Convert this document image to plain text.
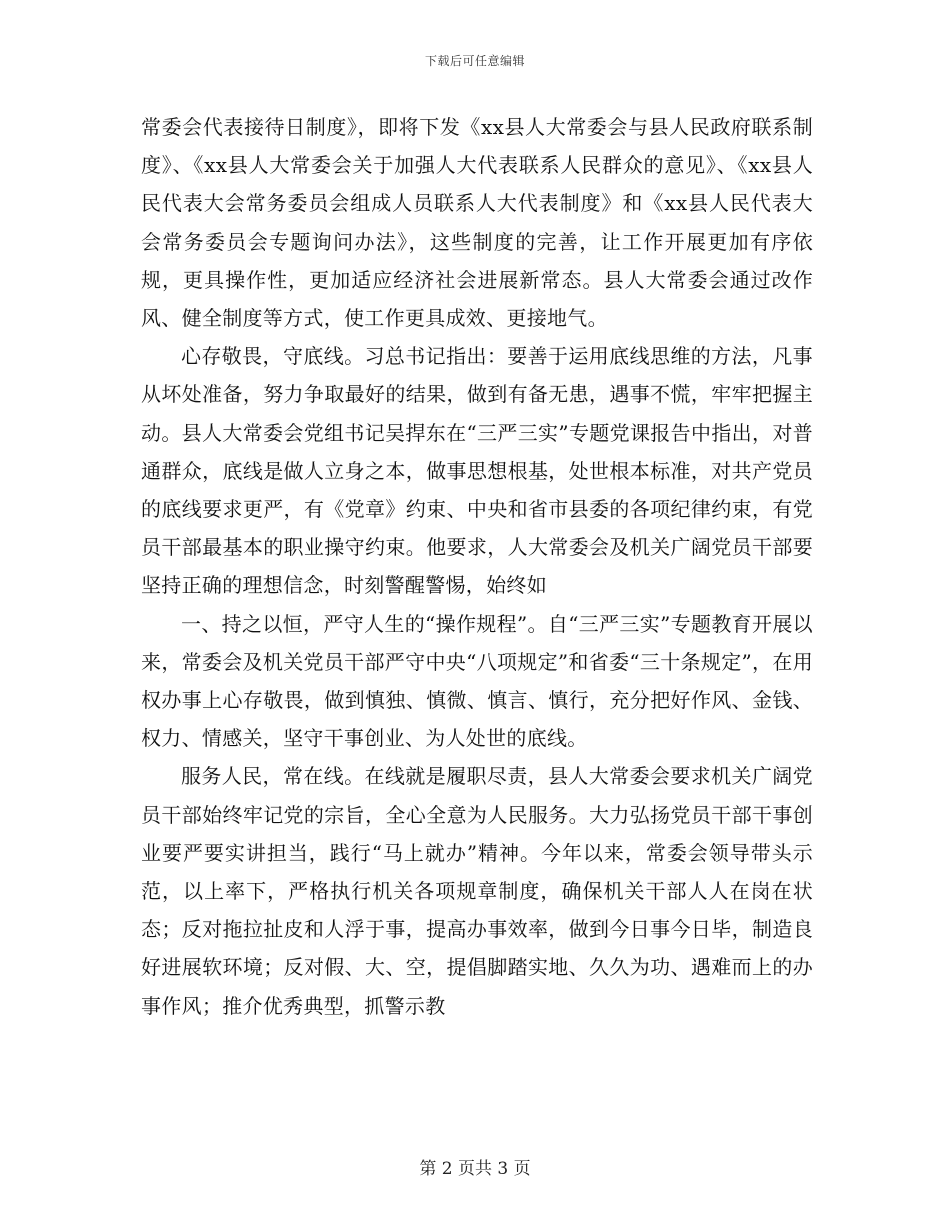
下载后可任意编辑

常委会代表接待日制度》，即将下发《xx县人大常委会与县人民政府联系制度》、《xx县人大常委会关于加强人大代表联系人民群众的意见》、《xx县人民代表大会常务委员会组成人员联系人大代表制度》和《xx县人民代表大会常务委员会专题询问办法》，这些制度的完善，让工作开展更加有序依规，更具操作性，更加适应经济社会进展新常态。县人大常委会通过改作风、健全制度等方式，使工作更具成效、更接地气。

心存敬畏，守底线。习总书记指出：要善于运用底线思维的方法，凡事从坏处准备，努力争取最好的结果，做到有备无患，遇事不慌，牢牢把握主动。县人大常委会党组书记吴捍东在“三严三实”专题党课报告中指出，对普通群众，底线是做人立身之本，做事思想根基，处世根本标准，对共产党员的底线要求更严，有《党章》约束、中央和省市县委的各项纪律约束，有党员干部最基本的职业操守约束。他要求，人大常委会及机关广阔党员干部要坚持正确的理想信念，时刻警醒警惕，始终如

一、持之以恒，严守人生的“操作规程”。自“三严三实”专题教育开展以来，常委会及机关党员干部严守中央“八项规定”和省委“三十条规定”，在用权办事上心存敬畏，做到慎独、慎微、慎言、慎行，充分把好作风、金钱、权力、情感关，坚守干事创业、为人处世的底线。

服务人民，常在线。在线就是履职尽责，县人大常委会要求机关广阔党员干部始终牢记党的宗旨，全心全意为人民服务。大力弘扬党员干部干事创业要严要实讲担当，践行“马上就办”精神。今年以来，常委会领导带头示范，以上率下，严格执行机关各项规章制度，确保机关干部人人在岗在状态；反对拖拉扯皮和人浮于事，提高办事效率，做到今日事今日毕，制造良好进展软环境；反对假、大、空，提倡脚踏实地、久久为功、遇难而上的办事作风；推介优秀典型，抓警示教

第 2 页共 3 页
